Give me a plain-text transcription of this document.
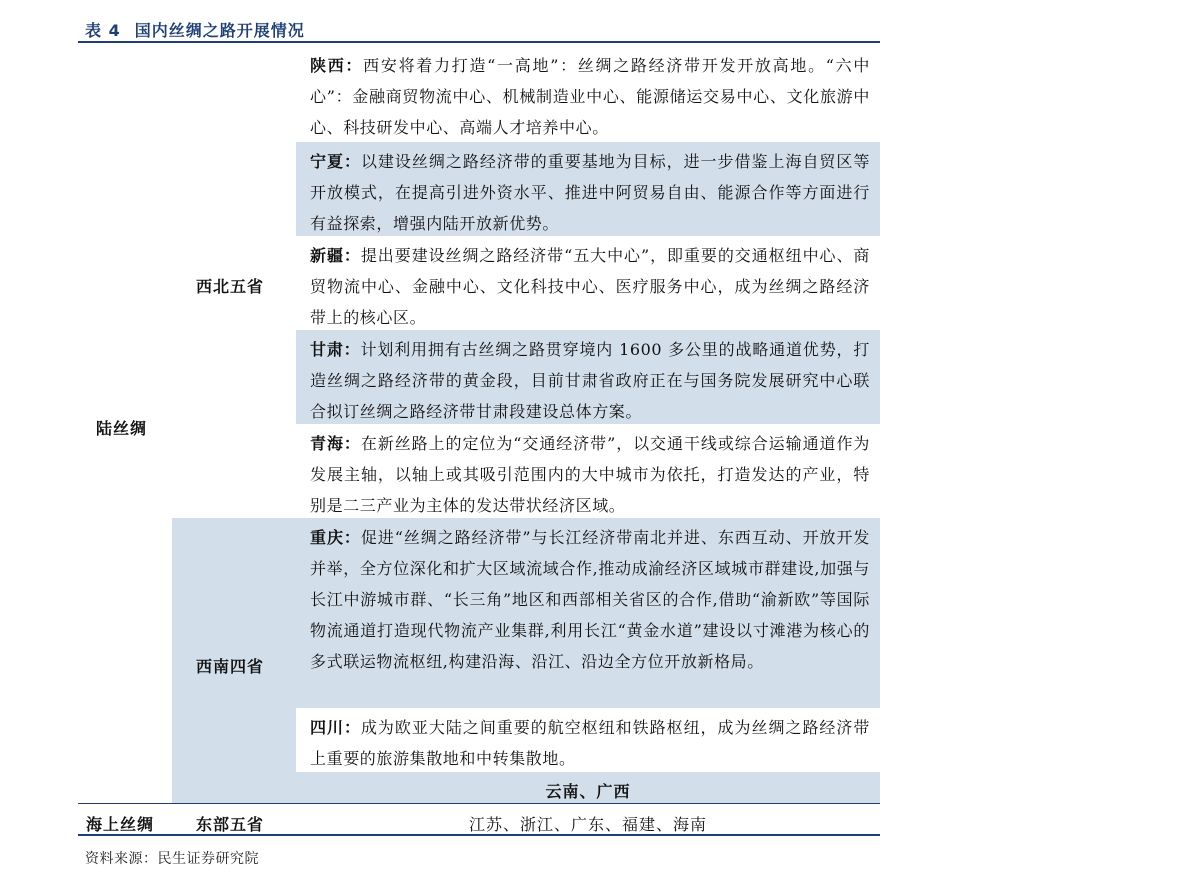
表 4 国内丝绸之路开展情况
陆丝绸
海上丝绸
西北五省
西南四省
东部五省
陕西：西安将着力打造“一高地”：丝绸之路经济带开发开放高地。“六中心”：金融商贸物流中心、机械制造业中心、能源储运交易中心、文化旅游中心、科技研发中心、高端人才培养中心。
宁夏：以建设丝绸之路经济带的重要基地为目标，进一步借鉴上海自贸区等开放模式，在提高引进外资水平、推进中阿贸易自由、能源合作等方面进行有益探索，增强内陆开放新优势。
新疆：提出要建设丝绸之路经济带“五大中心”，即重要的交通枢纽中心、商贸物流中心、金融中心、文化科技中心、医疗服务中心，成为丝绸之路经济带上的核心区。
甘肃：计划利用拥有古丝绸之路贯穿境内 1600 多公里的战略通道优势，打造丝绸之路经济带的黄金段，目前甘肃省政府正在与国务院发展研究中心联合拟订丝绸之路经济带甘肃段建设总体方案。
青海：在新丝路上的定位为“交通经济带”，以交通干线或综合运输通道作为发展主轴，以轴上或其吸引范围内的大中城市为依托，打造发达的产业，特别是二三产业为主体的发达带状经济区域。
重庆：促进“丝绸之路经济带”与长江经济带南北并进、东西互动、开放开发并举，全方位深化和扩大区域流域合作,推动成渝经济区域城市群建设,加强与长江中游城市群、“长三角”地区和西部相关省区的合作,借助“渝新欧”等国际物流通道打造现代物流产业集群,利用长江“黄金水道”建设以寸滩港为核心的多式联运物流枢纽,构建沿海、沿江、沿边全方位开放新格局。
四川：成为欧亚大陆之间重要的航空枢纽和铁路枢纽，成为丝绸之路经济带上重要的旅游集散地和中转集散地。
云南、广西
江苏、浙江、广东、福建、海南
资料来源：民生证券研究院
